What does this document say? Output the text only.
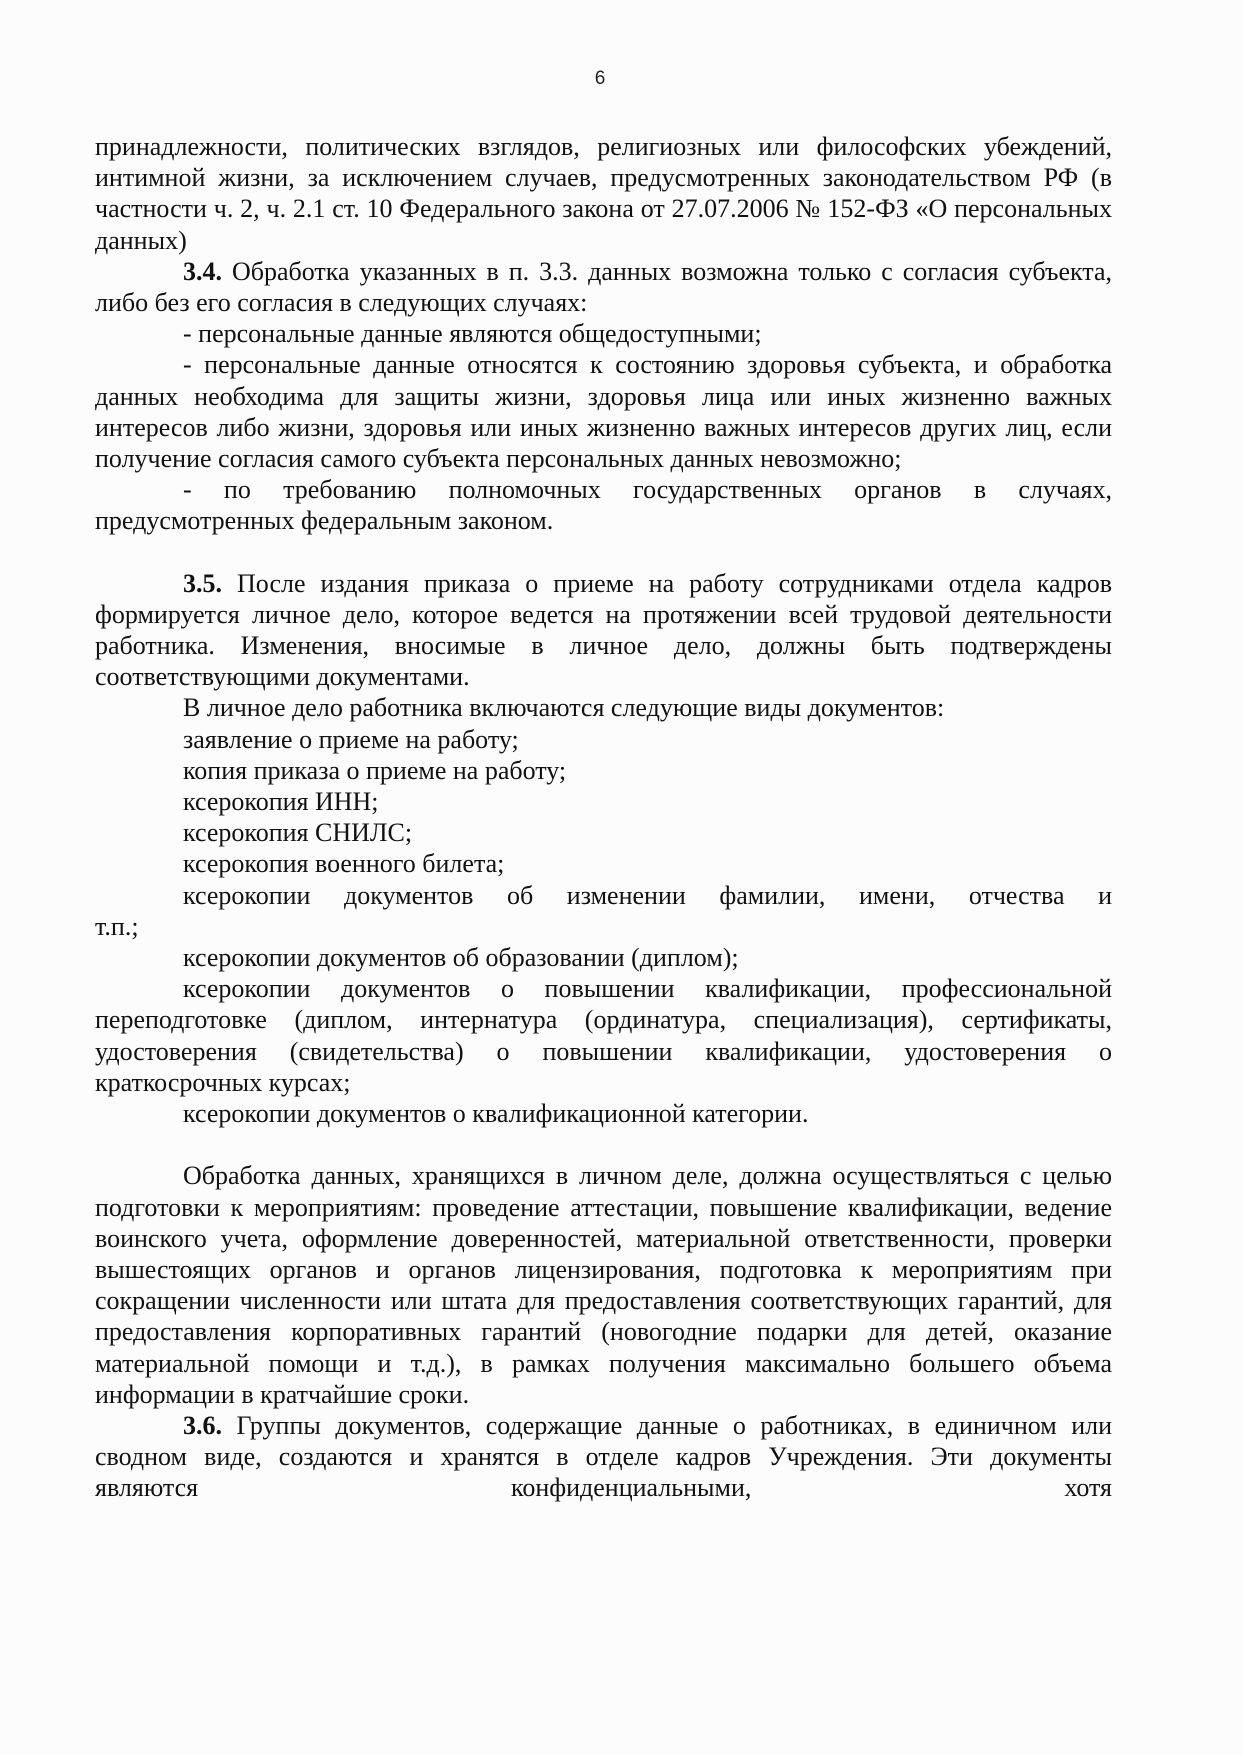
6

принадлежности, политических взглядов, религиозных или философских убеждений, интимной жизни, за исключением случаев, предусмотренных законодательством РФ (в частности ч. 2, ч. 2.1 ст. 10 Федерального закона от 27.07.2006 № 152-ФЗ «О персональных данных)

3.4. Обработка указанных в п. 3.3. данных возможна только с согласия субъекта, либо без его согласия в следующих случаях:

- персональные данные являются общедоступными;

- персональные данные относятся к состоянию здоровья субъекта, и обработка данных необходима для защиты жизни, здоровья лица или иных жизненно важных интересов либо жизни, здоровья или иных жизненно важных интересов других лиц, если получение согласия самого субъекта персональных данных невозможно;

- по требованию полномочных государственных органов в случаях, предусмотренных федеральным законом.

3.5. После издания приказа о приеме на работу сотрудниками отдела кадров формируется личное дело, которое ведется на протяжении всей трудовой деятельности работника. Изменения, вносимые в личное дело, должны быть подтверждены соответствующими документами.

В личное дело работника включаются следующие виды документов:

заявление о приеме на работу;

копия приказа о приеме на работу;

ксерокопия ИНН;

ксерокопия СНИЛС;

ксерокопия военного билета;

ксерокопии документов об изменении фамилии, имени, отчества и

т.п.;

ксерокопии документов об образовании (диплом);

ксерокопии документов о повышении квалификации, профессиональной переподготовке (диплом, интернатура (ординатура, специализация), сертификаты, удостоверения (свидетельства) о повышении квалификации, удостоверения о краткосрочных курсах;

ксерокопии документов о квалификационной категории.

Обработка данных, хранящихся в личном деле, должна осуществляться с целью подготовки к мероприятиям: проведение аттестации, повышение квалификации, ведение воинского учета, оформление доверенностей, материальной ответственности, проверки вышестоящих органов и органов лицензирования, подготовка к мероприятиям при сокращении численности или штата для предоставления соответствующих гарантий, для предоставления корпоративных гарантий (новогодние подарки для детей, оказание материальной помощи и т.д.), в рамках получения максимально большего объема информации в кратчайшие сроки.

3.6. Группы документов, содержащие данные о работниках, в единичном или сводном виде, создаются и хранятся в отделе кадров Учреждения. Эти документы являются конфиденциальными, хотя
